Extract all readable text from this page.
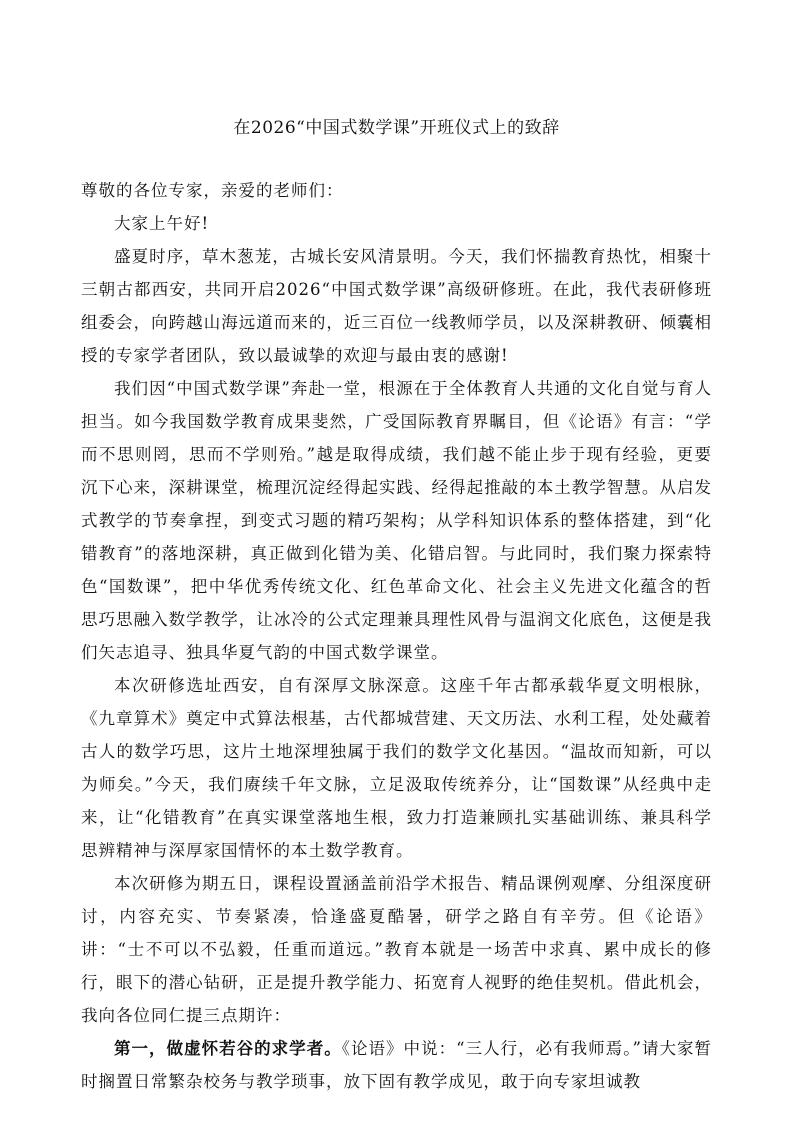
在2026“中国式数学课”开班仪式上的致辞

尊敬的各位专家，亲爱的老师们：

大家上午好!

盛夏时序，草木葱茏，古城长安风清景明。今天，我们怀揣教育热忱，相聚十三朝古都西安，共同开启2026“中国式数学课”高级研修班。在此，我代表研修班组委会，向跨越山海远道而来的，近三百位一线教师学员，以及深耕教研、倾囊相授的专家学者团队，致以最诚挚的欢迎与最由衷的感谢!

我们因“中国式数学课”奔赴一堂，根源在于全体教育人共通的文化自觉与育人担当。如今我国数学教育成果斐然，广受国际教育界瞩目，但《论语》有言：“学而不思则罔，思而不学则殆。”越是取得成绩，我们越不能止步于现有经验，更要沉下心来，深耕课堂，梳理沉淀经得起实践、经得起推敲的本土教学智慧。从启发式教学的节奏拿捏，到变式习题的精巧架构；从学科知识体系的整体搭建，到“化错教育”的落地深耕，真正做到化错为美、化错启智。与此同时，我们聚力探索特色“国数课”，把中华优秀传统文化、红色革命文化、社会主义先进文化蕴含的哲思巧思融入数学教学，让冰冷的公式定理兼具理性风骨与温润文化底色，这便是我们矢志追寻、独具华夏气韵的中国式数学课堂。

本次研修选址西安，自有深厚文脉深意。这座千年古都承载华夏文明根脉，《九章算术》奠定中式算法根基，古代都城营建、天文历法、水利工程，处处藏着古人的数学巧思，这片土地深埋独属于我们的数学文化基因。“温故而知新，可以为师矣。”今天，我们赓续千年文脉，立足汲取传统养分，让“国数课”从经典中走来，让“化错教育”在真实课堂落地生根，致力打造兼顾扎实基础训练、兼具科学思辨精神与深厚家国情怀的本土数学教育。

本次研修为期五日，课程设置涵盖前沿学术报告、精品课例观摩、分组深度研讨，内容充实、节奏紧凑，恰逢盛夏酷暑，研学之路自有辛劳。但《论语》讲：“士不可以不弘毅，任重而道远。”教育本就是一场苦中求真、累中成长的修行，眼下的潜心钻研，正是提升教学能力、拓宽育人视野的绝佳契机。借此机会，我向各位同仁提三点期许：

第一，做虚怀若谷的求学者。《论语》中说：“三人行，必有我师焉。”请大家暂时搁置日常繁杂校务与教学琐事，放下固有教学成见，敢于向专家坦诚教
